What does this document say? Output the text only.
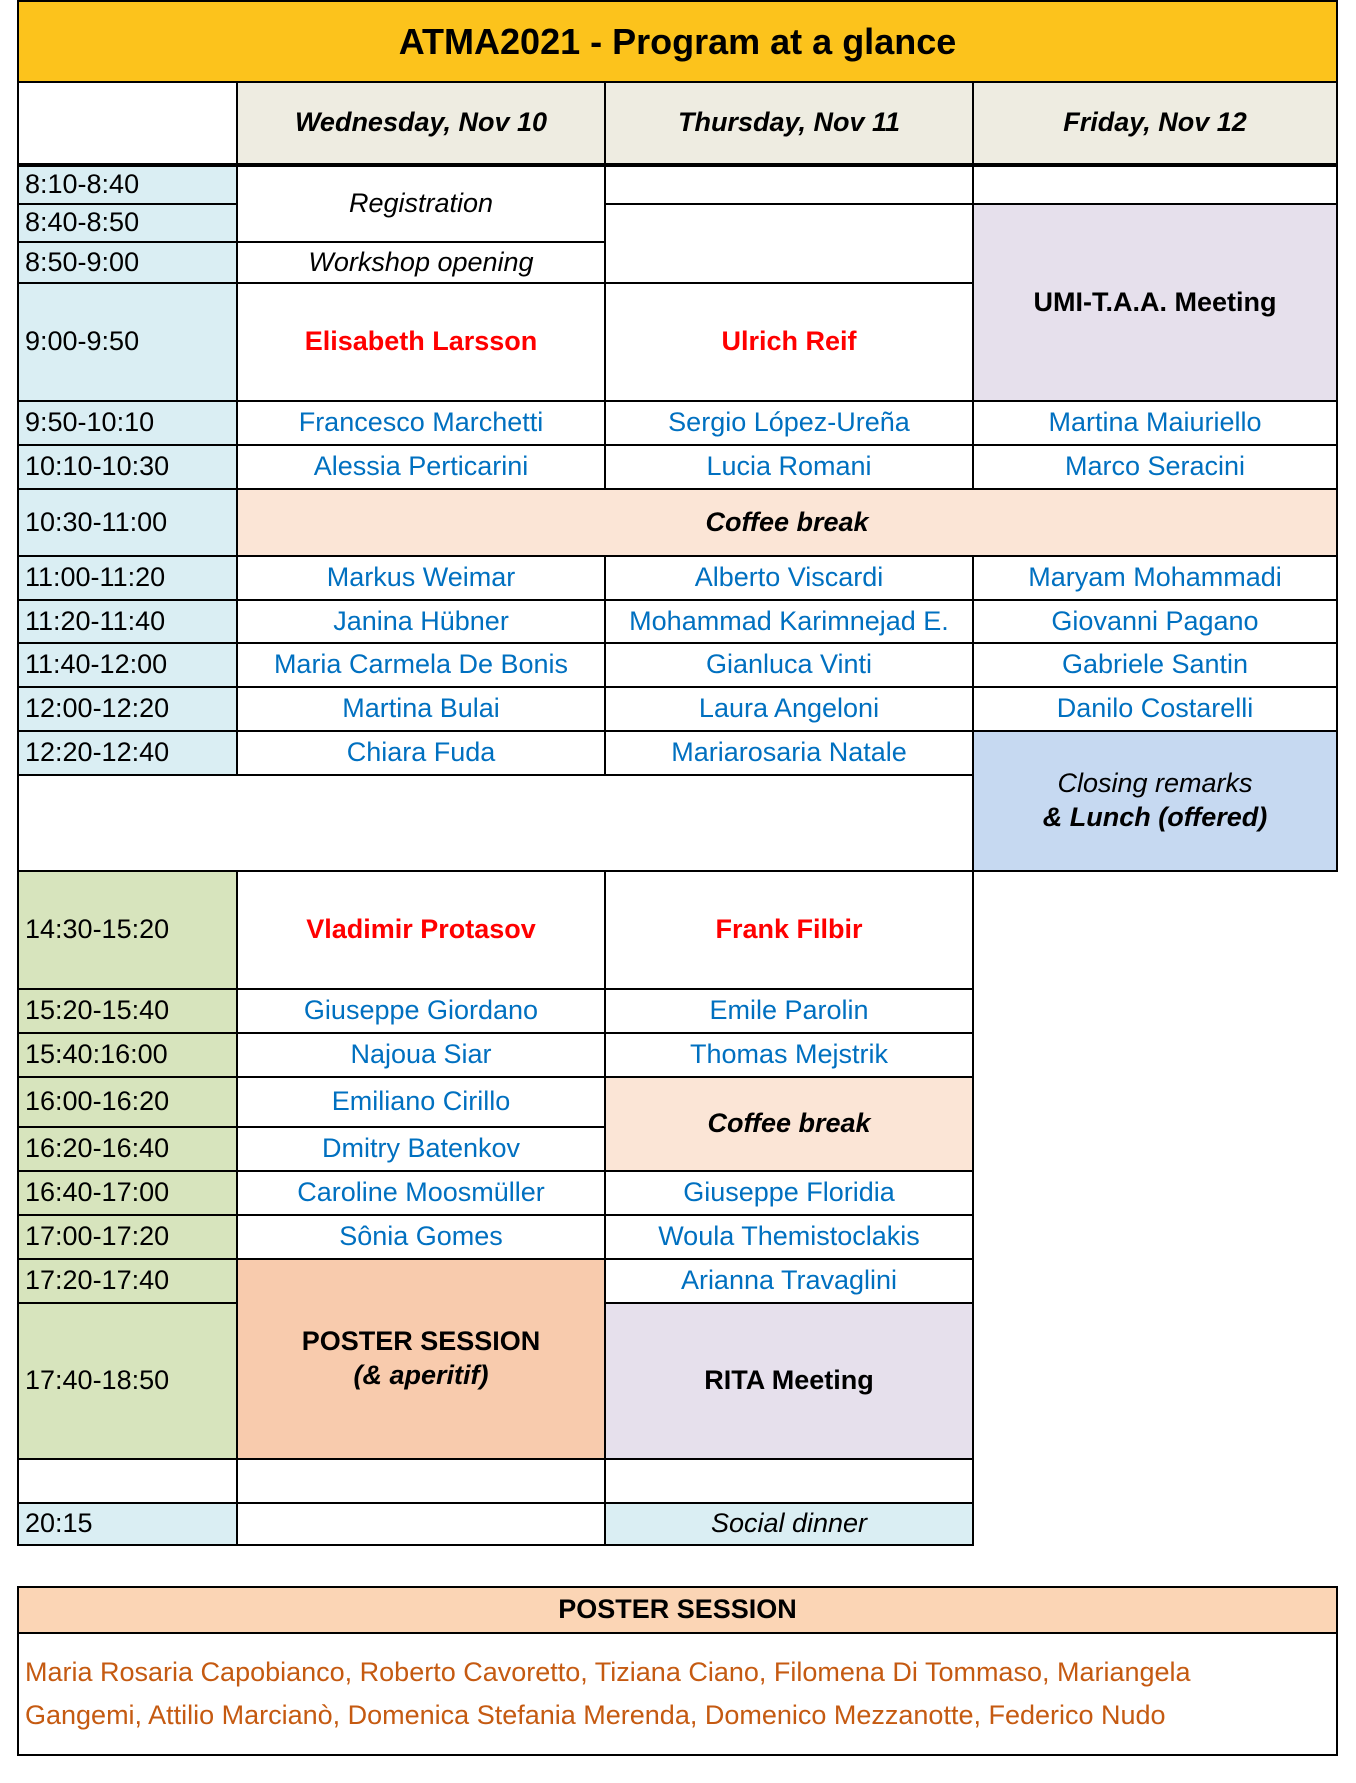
ATMA2021 - Program at a glance
Wednesday, Nov 10	Thursday, Nov 11	Friday, Nov 12
8:10-8:40
8:40-8:50
8:50-9:00
9:00-9:50
9:50-10:10
10:10-10:30
10:30-11:00
11:00-11:20
11:20-11:40
11:40-12:00
12:00-12:20
12:20-12:40
14:30-15:20
15:20-15:40
15:40:16:00
16:00-16:20
16:20-16:40
16:40-17:00
17:00-17:20
17:20-17:40
17:40-18:50
20:15
Registration
Workshop opening
Elisabeth Larsson
Francesco Marchetti
Alessia Perticarini
Markus Weimar
Janina Hübner
Maria Carmela De Bonis
Martina Bulai
Chiara Fuda
Vladimir Protasov
Giuseppe Giordano
Najoua Siar
Emiliano Cirillo
Dmitry Batenkov
Caroline Moosmüller
Sônia Gomes
POSTER SESSION
(& aperitif)
Coffee break
Ulrich Reif
Sergio López-Ureña
Lucia Romani
Alberto Viscardi
Mohammad Karimnejad E.
Gianluca Vinti
Laura Angeloni
Mariarosaria Natale
Frank Filbir
Emile Parolin
Thomas Mejstrik
Coffee break
Giuseppe Floridia
Woula Themistoclakis
Arianna Travaglini
RITA Meeting
Social dinner
UMI-T.A.A. Meeting
Martina Maiuriello
Marco Seracini
Maryam Mohammadi
Giovanni Pagano
Gabriele Santin
Danilo Costarelli
Closing remarks
& Lunch (offered)
POSTER SESSION
Maria Rosaria Capobianco, Roberto Cavoretto, Tiziana Ciano, Filomena Di Tommaso, Mariangela
Gangemi, Attilio Marcianò, Domenica Stefania Merenda, Domenico Mezzanotte, Federico Nudo
